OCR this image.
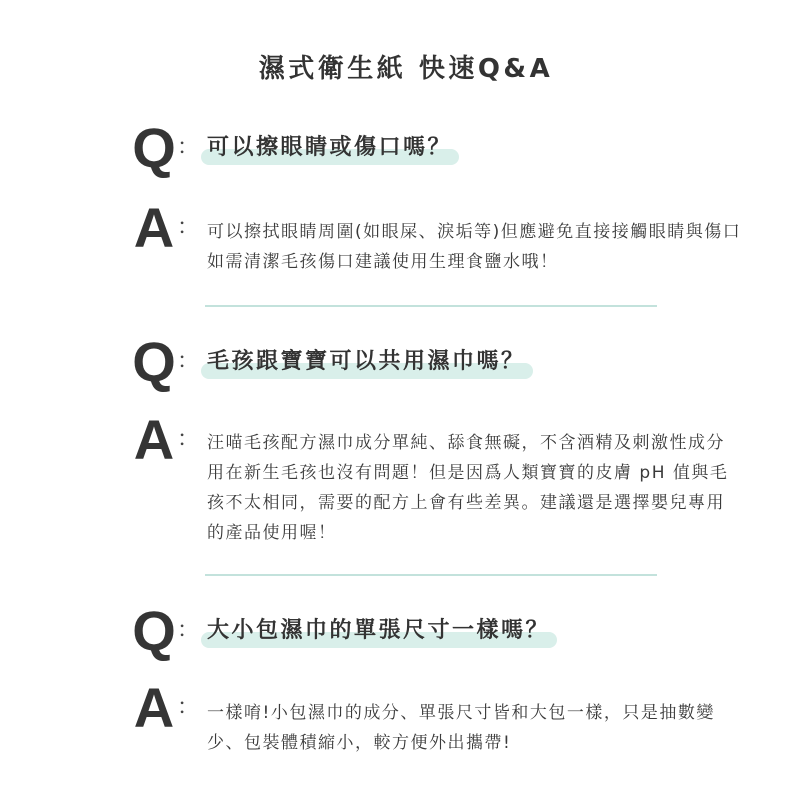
濕式衛生紙 快速Q&A
Q ： 可以擦眼睛或傷口嗎？
A ： 可以擦拭眼睛周圍(如眼屎、淚垢等)但應避免直接接觸眼睛與傷口
如需清潔毛孩傷口建議使用生理食鹽水哦！
Q ： 毛孩跟寶寶可以共用濕巾嗎？
A ： 汪喵毛孩配方濕巾成分單純、舔食無礙，不含酒精及刺激性成分
用在新生毛孩也沒有問題！但是因爲人類寶寶的皮膚 pH 值與毛
孩不太相同，需要的配方上會有些差異。建議還是選擇嬰兒專用
的產品使用喔！
Q ： 大小包濕巾的單張尺寸一樣嗎？
A ： 一樣唷!小包濕巾的成分、單張尺寸皆和大包一樣，只是抽數變
少、包裝體積縮小，較方便外出攜帶!
